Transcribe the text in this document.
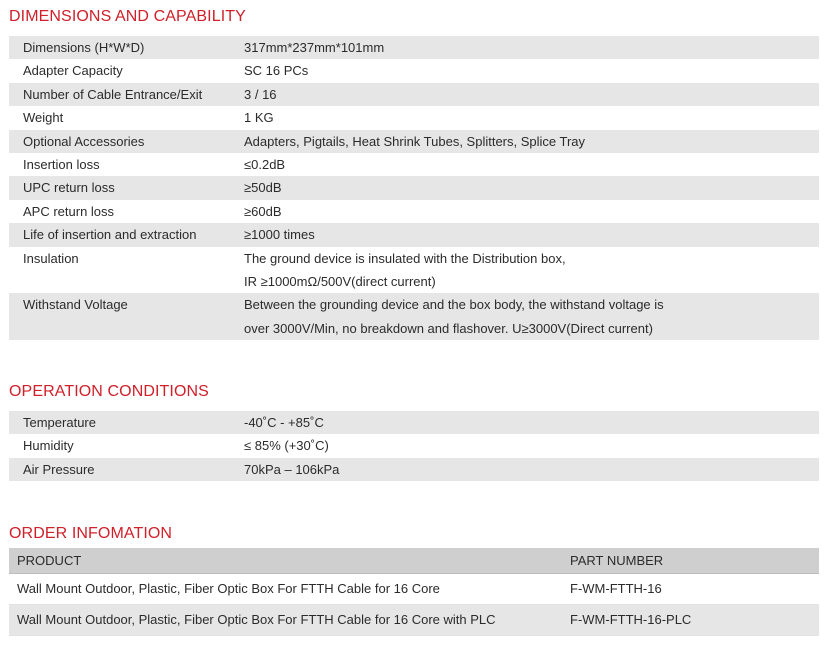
DIMENSIONS AND CAPABILITY
Dimensions (H*W*D)	317mm*237mm*101mm
Adapter Capacity	SC 16 PCs
Number of Cable Entrance/Exit	3 / 16
Weight	1 KG
Optional Accessories	Adapters, Pigtails, Heat Shrink Tubes, Splitters, Splice Tray
Insertion loss	≤0.2dB
UPC return loss	≥50dB
APC return loss	≥60dB
Life of insertion and extraction	≥1000 times
Insulation	The ground device is insulated with the Distribution box,
IR ≥1000mΩ/500V(direct current)

Withstand Voltage	Between the grounding device and the box body, the withstand voltage is
over 3000V/Min, no breakdown and flashover. U≥3000V(Direct current)
OPERATION CONDITIONS
Temperature	-40˚C - +85˚C
Humidity	≤ 85% (+30˚C)
Air Pressure	70kPa – 106kPa
ORDER INFOMATION
PRODUCT	PART NUMBER
Wall Mount Outdoor, Plastic, Fiber Optic Box For FTTH Cable for 16 Core	F-WM-FTTH-16
Wall Mount Outdoor, Plastic, Fiber Optic Box For FTTH Cable for 16 Core with PLC	F-WM-FTTH-16-PLC
